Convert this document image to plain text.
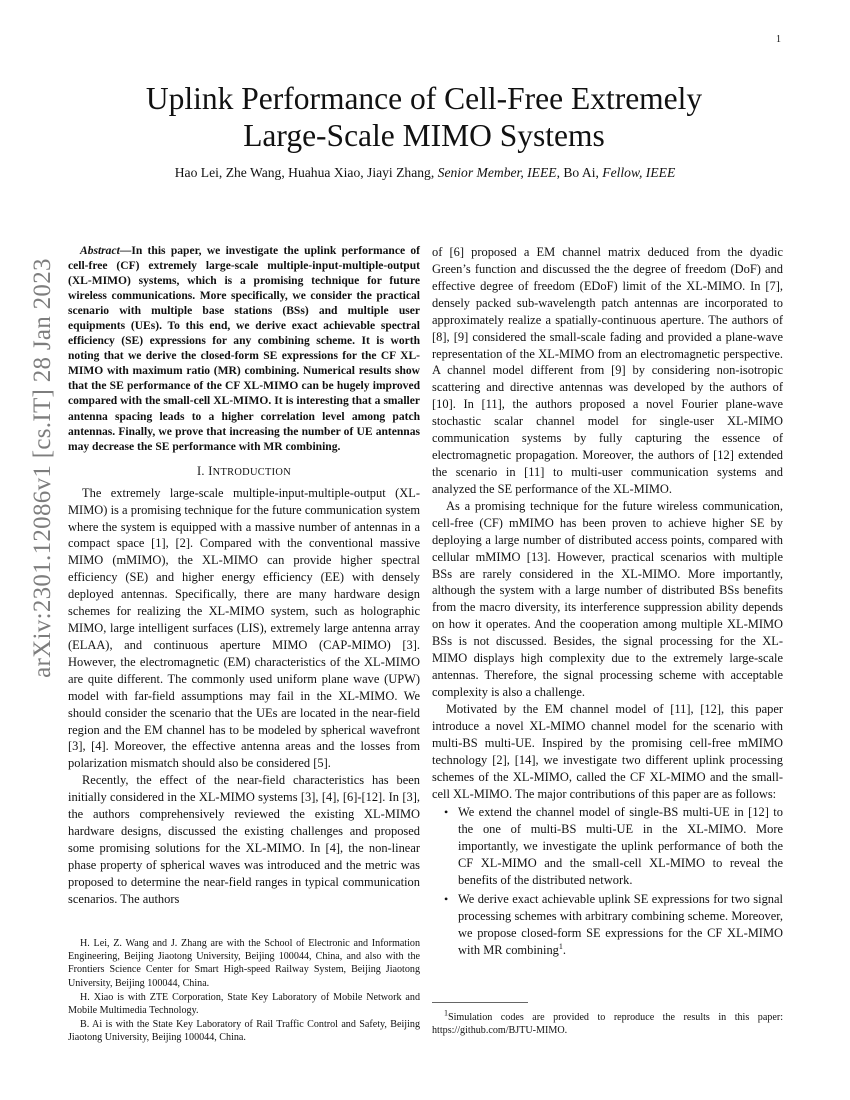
1
arXiv:2301.12086v1 [cs.IT] 28 Jan 2023
Uplink Performance of Cell-Free Extremely
Large-Scale MIMO Systems
Hao Lei, Zhe Wang, Huahua Xiao, Jiayi Zhang, Senior Member, IEEE, Bo Ai, Fellow, IEEE

Abstract—In this paper, we investigate the uplink performance of cell-free (CF) extremely large-scale multiple-input-multiple-output (XL-MIMO) systems, which is a promising technique for future wireless communications. More specifically, we consider the practical scenario with multiple base stations (BSs) and multiple user equipments (UEs). To this end, we derive exact achievable spectral efficiency (SE) expressions for any combining scheme. It is worth noting that we derive the closed-form SE expressions for the CF XL-MIMO with maximum ratio (MR) combining. Numerical results show that the SE performance of the CF XL-MIMO can be hugely improved compared with the small-cell XL-MIMO. It is interesting that a smaller antenna spacing leads to a higher correlation level among patch antennas. Finally, we prove that increasing the number of UE antennas may decrease the SE performance with MR combining.

I. INTRODUCTION

The extremely large-scale multiple-input-multiple-output (XL-MIMO) is a promising technique for the future communication system where the system is equipped with a massive number of antennas in a compact space [1], [2]. Compared with the conventional massive MIMO (mMIMO), the XL-MIMO can provide higher spectral efficiency (SE) and higher energy efficiency (EE) with densely deployed antennas. Specifically, there are many hardware design schemes for realizing the XL-MIMO system, such as holographic MIMO, large intelligent surfaces (LIS), extremely large antenna array (ELAA), and continuous aperture MIMO (CAP-MIMO) [3]. However, the electromagnetic (EM) characteristics of the XL-MIMO are quite different. The commonly used uniform plane wave (UPW) model with far-field assumptions may fail in the XL-MIMO. We should consider the scenario that the UEs are located in the near-field region and the EM channel has to be modeled by spherical wavefront [3], [4]. Moreover, the effective antenna areas and the losses from polarization mismatch should also be considered [5].

Recently, the effect of the near-field characteristics has been initially considered in the XL-MIMO systems [3], [4], [6]-[12]. In [3], the authors comprehensively reviewed the existing XL-MIMO hardware designs, discussed the existing challenges and proposed some promising solutions for the XL-MIMO. In [4], the non-linear phase property of spherical waves was introduced and the metric was proposed to determine the near-field ranges in typical communication scenarios. The authors

H. Lei, Z. Wang and J. Zhang are with the School of Electronic and Information Engineering, Beijing Jiaotong University, Beijing 100044, China, and also with the Frontiers Science Center for Smart High-speed Railway System, Beijing Jiaotong University, Beijing 100044, China.

H. Xiao is with ZTE Corporation, State Key Laboratory of Mobile Network and Mobile Multimedia Technology.

B. Ai is with the State Key Laboratory of Rail Traffic Control and Safety, Beijing Jiaotong University, Beijing 100044, China.

of [6] proposed a EM channel matrix deduced from the dyadic Green’s function and discussed the the degree of freedom (DoF) and effective degree of freedom (EDoF) limit of the XL-MIMO. In [7], densely packed sub-wavelength patch antennas are incorporated to approximately realize a spatially-continuous aperture. The authors of [8], [9] considered the small-scale fading and provided a plane-wave representation of the XL-MIMO from an electromagnetic perspective. A channel model different from [9] by considering non-isotropic scattering and directive antennas was developed by the authors of [10]. In [11], the authors proposed a novel Fourier plane-wave stochastic scalar channel model for single-user XL-MIMO communication systems by fully capturing the essence of electromagnetic propagation. Moreover, the authors of [12] extended the scenario in [11] to multi-user communication systems and analyzed the SE performance of the XL-MIMO.

As a promising technique for the future wireless communication, cell-free (CF) mMIMO has been proven to achieve higher SE by deploying a large number of distributed access points, compared with cellular mMIMO [13]. However, practical scenarios with multiple BSs are rarely considered in the XL-MIMO. More importantly, although the system with a large number of distributed BSs benefits from the macro diversity, its interference suppression ability depends on how it operates. And the cooperation among multiple XL-MIMO BSs is not discussed. Besides, the signal processing for the XL-MIMO displays high complexity due to the extremely large-scale antennas. Therefore, the signal processing scheme with acceptable complexity is also a challenge.

Motivated by the EM channel model of [11], [12], this paper introduce a novel XL-MIMO channel model for the scenario with multi-BS multi-UE. Inspired by the promising cell-free mMIMO technology [2], [14], we investigate two different uplink processing schemes of the XL-MIMO, called the CF XL-MIMO and the small-cell XL-MIMO. The major contributions of this paper are as follows:

• We extend the channel model of single-BS multi-UE in [12] to the one of multi-BS multi-UE in the XL-MIMO. More importantly, we investigate the uplink performance of both the CF XL-MIMO and the small-cell XL-MIMO to reveal the benefits of the distributed network.
• We derive exact achievable uplink SE expressions for two signal processing schemes with arbitrary combining scheme. Moreover, we propose closed-form SE expressions for the CF XL-MIMO with MR combining$^1$.

$^1$Simulation codes are provided to reproduce the results in this paper: https://github.com/BJTU-MIMO.
